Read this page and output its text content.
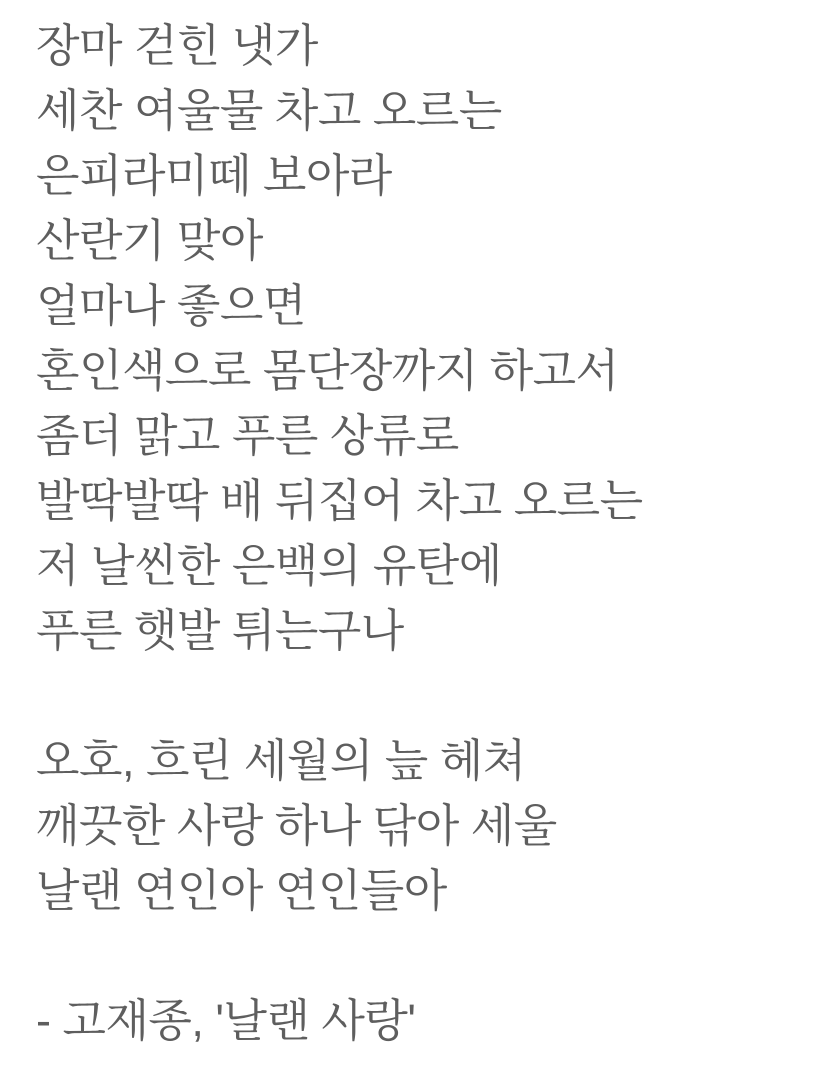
장마 걷힌 냇가
세찬 여울물 차고 오르는
은피라미떼 보아라
산란기 맞아
얼마나 좋으면
혼인색으로 몸단장까지 하고서
좀더 맑고 푸른 상류로
발딱발딱 배 뒤집어 차고 오르는
저 날씬한 은백의 유탄에
푸른 햇발 튀는구나
오호, 흐린 세월의 늪 헤쳐
깨끗한 사랑 하나 닦아 세울
날랜 연인아 연인들아
- 고재종, '날랜 사랑'
